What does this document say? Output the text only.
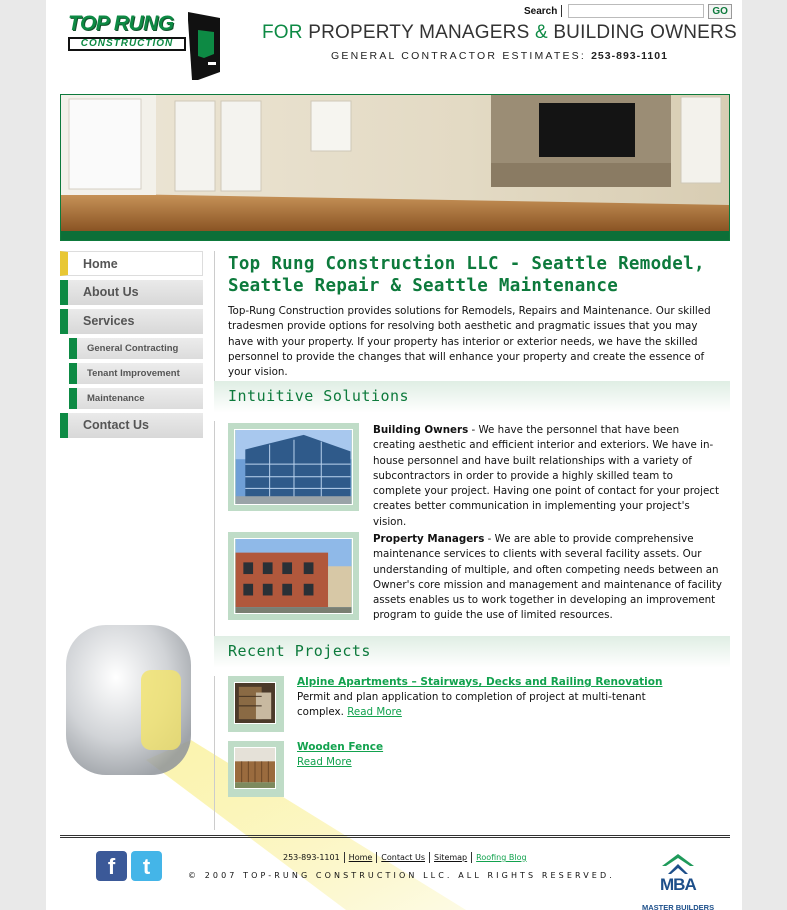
TOP RUNG
CONSTRUCTION
Search	GO
FOR PROPERTY MANAGERS & BUILDING OWNERS
GENERAL CONTRACTOR ESTIMATES: 253-893-1101
Home
About Us
Services
General Contracting
Tenant Improvement
Maintenance
Contact Us
Top Rung Construction LLC - Seattle Remodel, Seattle Repair & Seattle Maintenance

Top-Rung Construction provides solutions for Remodels, Repairs and Maintenance. Our skilled tradesmen provide options for resolving both aesthetic and pragmatic issues that you may have with your property. If your property has interior or exterior needs, we have the skilled personnel to provide the changes that will enhance your property and create the essence of your vision.

Intuitive Solutions
Building Owners - We have the personnel that have been creating aesthetic and efficient interior and exteriors. We have in-house personnel and have built relationships with a variety of subcontractors in order to provide a highly skilled team to complete your project. Having one point of contact for your project creates better communication in implementing your project's vision.
Property Managers - We are able to provide comprehensive maintenance services to clients with several facility assets. Our understanding of multiple, and often competing needs between an Owner's core mission and management and maintenance of facility assets enables us to work together in developing an improvement program to guide the use of limited resources.
Recent Projects
Alpine Apartments – Stairways, Decks and Railing Renovation
Permit and plan application to completion of project at multi-tenant complex. Read More
Wooden Fence
Read More
f	t	253-893-1101 Home Contact Us Sitemap Roofing Blog
© 2007 TOP-RUNG CONSTRUCTION LLC. ALL RIGHTS RESERVED.	MBA
MASTER BUILDERS
